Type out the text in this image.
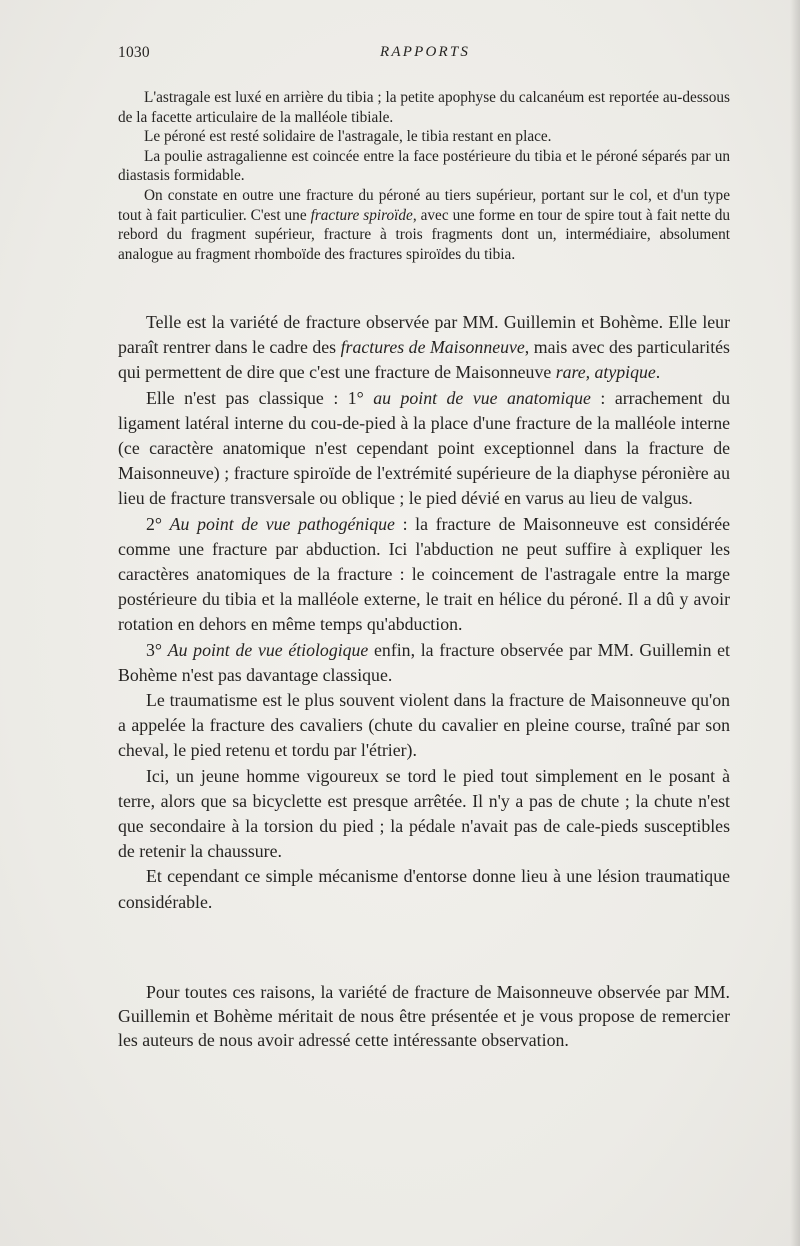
1030	RAPPORTS

L'astragale est luxé en arrière du tibia ; la petite apophyse du calcanéum est reportée au-dessous de la facette articulaire de la malléole tibiale.

Le péroné est resté solidaire de l'astragale, le tibia restant en place.

La poulie astragalienne est coincée entre la face postérieure du tibia et le péroné séparés par un diastasis formidable.

On constate en outre une fracture du péroné au tiers supérieur, portant sur le col, et d'un type tout à fait particulier. C'est une fracture spiroïde, avec une forme en tour de spire tout à fait nette du rebord du fragment supérieur, fracture à trois fragments dont un, intermédiaire, absolument analogue au fragment rhomboïde des fractures spiroïdes du tibia.

Telle est la variété de fracture observée par MM. Guillemin et Bohème. Elle leur paraît rentrer dans le cadre des fractures de Maisonneuve, mais avec des particularités qui permettent de dire que c'est une fracture de Maisonneuve rare, atypique.

Elle n'est pas classique : 1° au point de vue anatomique : arrachement du ligament latéral interne du cou-de-pied à la place d'une fracture de la malléole interne (ce caractère anatomique n'est cependant point exceptionnel dans la fracture de Maisonneuve) ; fracture spiroïde de l'extrémité supérieure de la diaphyse péronière au lieu de fracture transversale ou oblique ; le pied dévié en varus au lieu de valgus.

2° Au point de vue pathogénique : la fracture de Maisonneuve est considérée comme une fracture par abduction. Ici l'abduction ne peut suffire à expliquer les caractères anatomiques de la fracture : le coincement de l'astragale entre la marge postérieure du tibia et la malléole externe, le trait en hélice du péroné. Il a dû y avoir rotation en dehors en même temps qu'abduction.

3° Au point de vue étiologique enfin, la fracture observée par MM. Guillemin et Bohème n'est pas davantage classique.

Le traumatisme est le plus souvent violent dans la fracture de Maisonneuve qu'on a appelée la fracture des cavaliers (chute du cavalier en pleine course, traîné par son cheval, le pied retenu et tordu par l'étrier).

Ici, un jeune homme vigoureux se tord le pied tout simplement en le posant à terre, alors que sa bicyclette est presque arrêtée. Il n'y a pas de chute ; la chute n'est que secondaire à la torsion du pied ; la pédale n'avait pas de cale-pieds susceptibles de retenir la chaussure.

Et cependant ce simple mécanisme d'entorse donne lieu à une lésion traumatique considérable.

Pour toutes ces raisons, la variété de fracture de Maisonneuve observée par MM. Guillemin et Bohème méritait de nous être présentée et je vous propose de remercier les auteurs de nous avoir adressé cette intéressante observation.
